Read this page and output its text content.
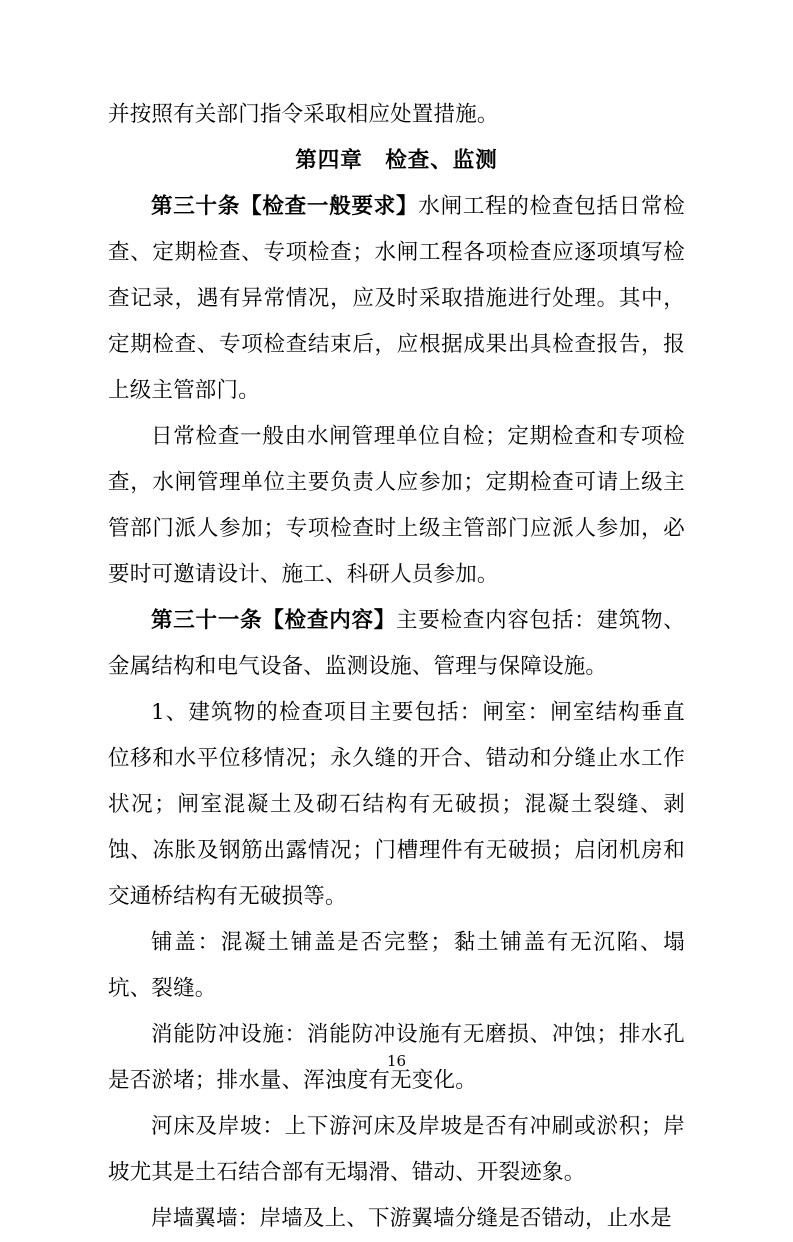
并按照有关部门指令采取相应处置措施。

第四章 检查、监测

第三十条【检查一般要求】水闸工程的检查包括日常检查、定期检查、专项检查；水闸工程各项检查应逐项填写检查记录，遇有异常情况，应及时采取措施进行处理。其中，定期检查、专项检查结束后，应根据成果出具检查报告，报上级主管部门。

日常检查一般由水闸管理单位自检；定期检查和专项检查，水闸管理单位主要负责人应参加；定期检查可请上级主管部门派人参加；专项检查时上级主管部门应派人参加，必要时可邀请设计、施工、科研人员参加。

第三十一条【检查内容】主要检查内容包括：建筑物、金属结构和电气设备、监测设施、管理与保障设施。

1、建筑物的检查项目主要包括：闸室：闸室结构垂直位移和水平位移情况；永久缝的开合、错动和分缝止水工作状况；闸室混凝土及砌石结构有无破损；混凝土裂缝、剥蚀、冻胀及钢筋出露情况；门槽理件有无破损；启闭机房和交通桥结构有无破损等。

铺盖：混凝土铺盖是否完整；黏土铺盖有无沉陷、塌坑、裂缝。

消能防冲设施：消能防冲设施有无磨损、冲蚀；排水孔是否淤堵；排水量、浑浊度有无变化。

河床及岸坡：上下游河床及岸坡是否有冲刷或淤积；岸坡尤其是土石结合部有无塌滑、错动、开裂迹象。

岸墙翼墙：岸墙及上、下游翼墙分缝是否错动，止水是

16
